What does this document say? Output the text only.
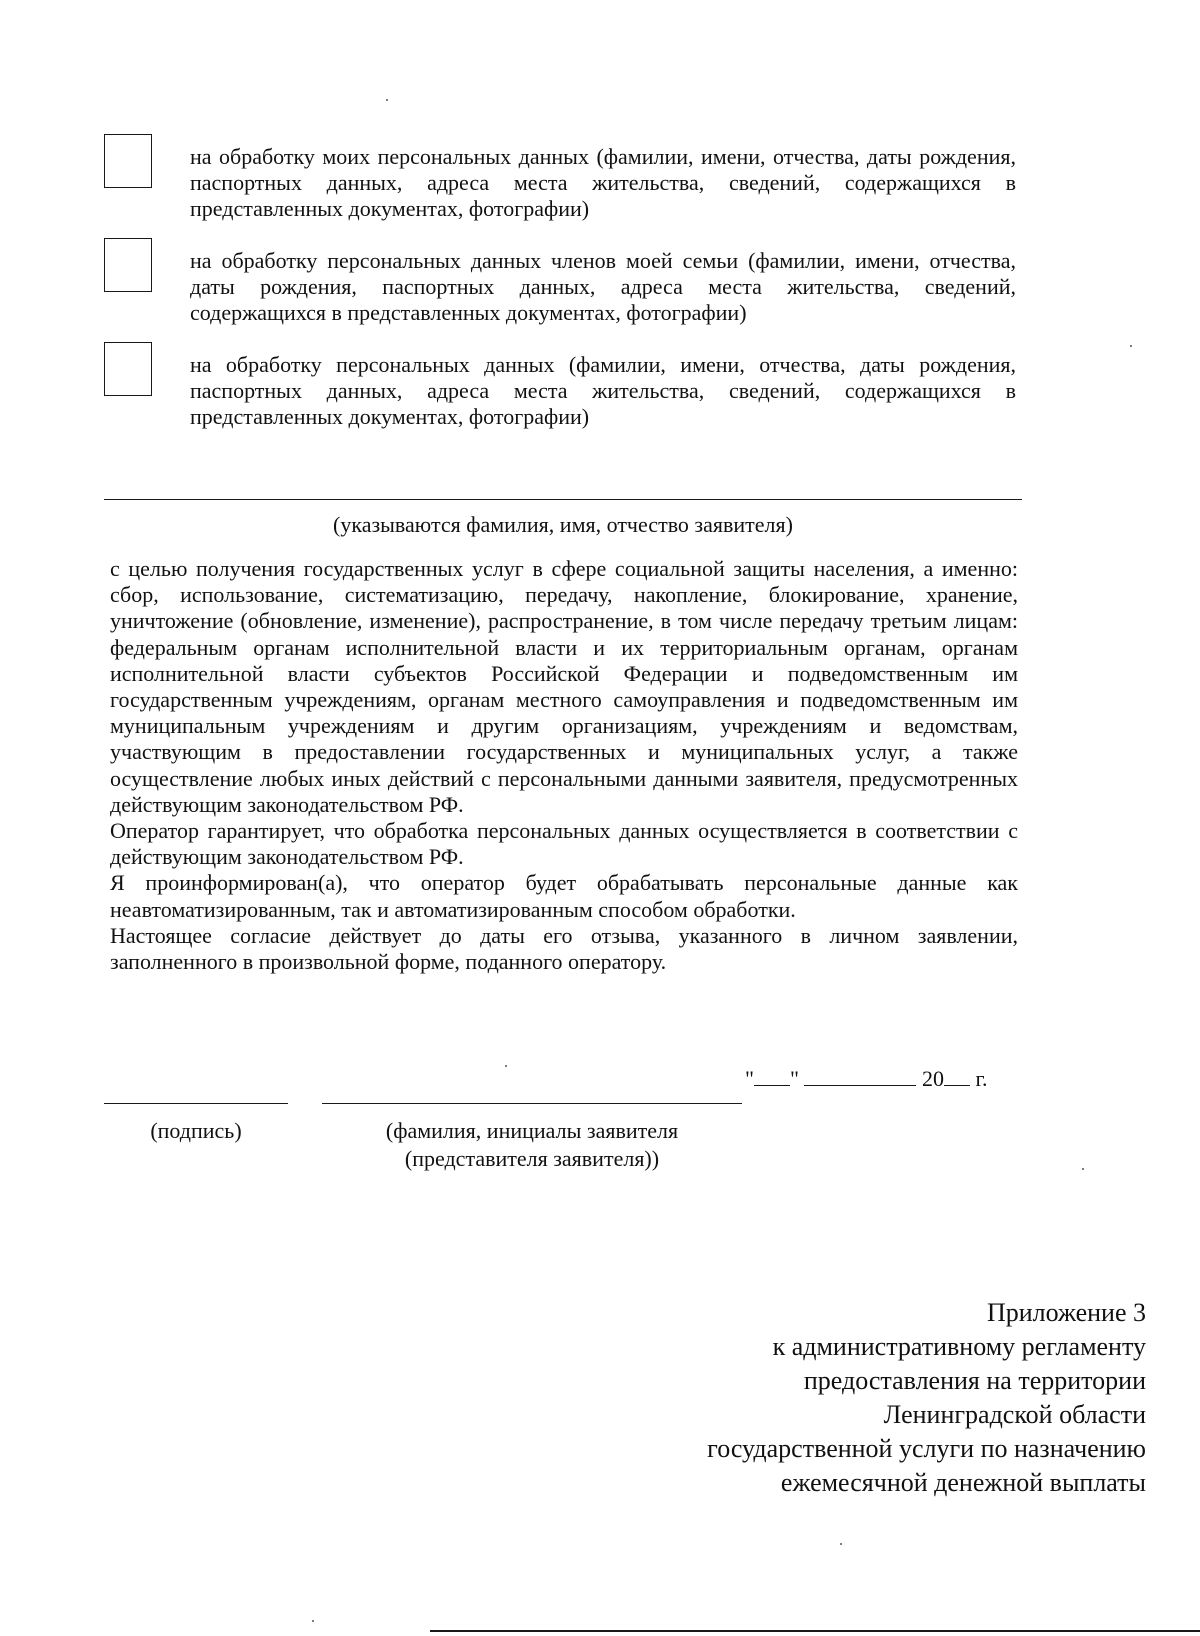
на обработку моих персональных данных (фамилии, имени, отчества, даты рождения, паспортных данных, адреса места жительства, сведений, содержащихся в представленных документах, фотографии)

на обработку персональных данных членов моей семьи (фамилии, имени, отчества, даты рождения, паспортных данных, адреса места жительства, сведений, содержащихся в представленных документах, фотографии)

на обработку персональных данных (фамилии, имени, отчества, даты рождения, паспортных данных, адреса места жительства, сведений, содержащихся в представленных документах, фотографии)

(указываются фамилия, имя, отчество заявителя)

с целью получения государственных услуг в сфере социальной защиты населения, а именно: сбор, использование, систематизацию, передачу, накопление, блокирование, хранение, уничтожение (обновление, изменение), распространение, в том числе передачу третьим лицам: федеральным органам исполнительной власти и их территориальным органам, органам исполнительной власти субъектов Российской Федерации и подведомственным им государственным учреждениям, органам местного самоуправления и подведомственным им муниципальным учреждениям и другим организациям, учреждениям и ведомствам, участвующим в предоставлении государственных и муниципальных услуг, а также осуществление любых иных действий с персональными данными заявителя, предусмотренных действующим законодательством РФ.

Оператор гарантирует, что обработка персональных данных осуществляется в соответствии с действующим законодательством РФ.

Я проинформирован(а), что оператор будет обрабатывать персональные данные как неавтоматизированным, так и автоматизированным способом обработки.

Настоящее согласие действует до даты его отзыва, указанного в личном заявлении, заполненного в произвольной форме, поданного оператору.

" "	20 г.
(подпись)	(фамилия, инициалы заявителя
(представителя заявителя))
Приложение 3
к административному регламенту
предоставления на территории
Ленинградской области
государственной услуги по назначению
ежемесячной денежной выплаты
